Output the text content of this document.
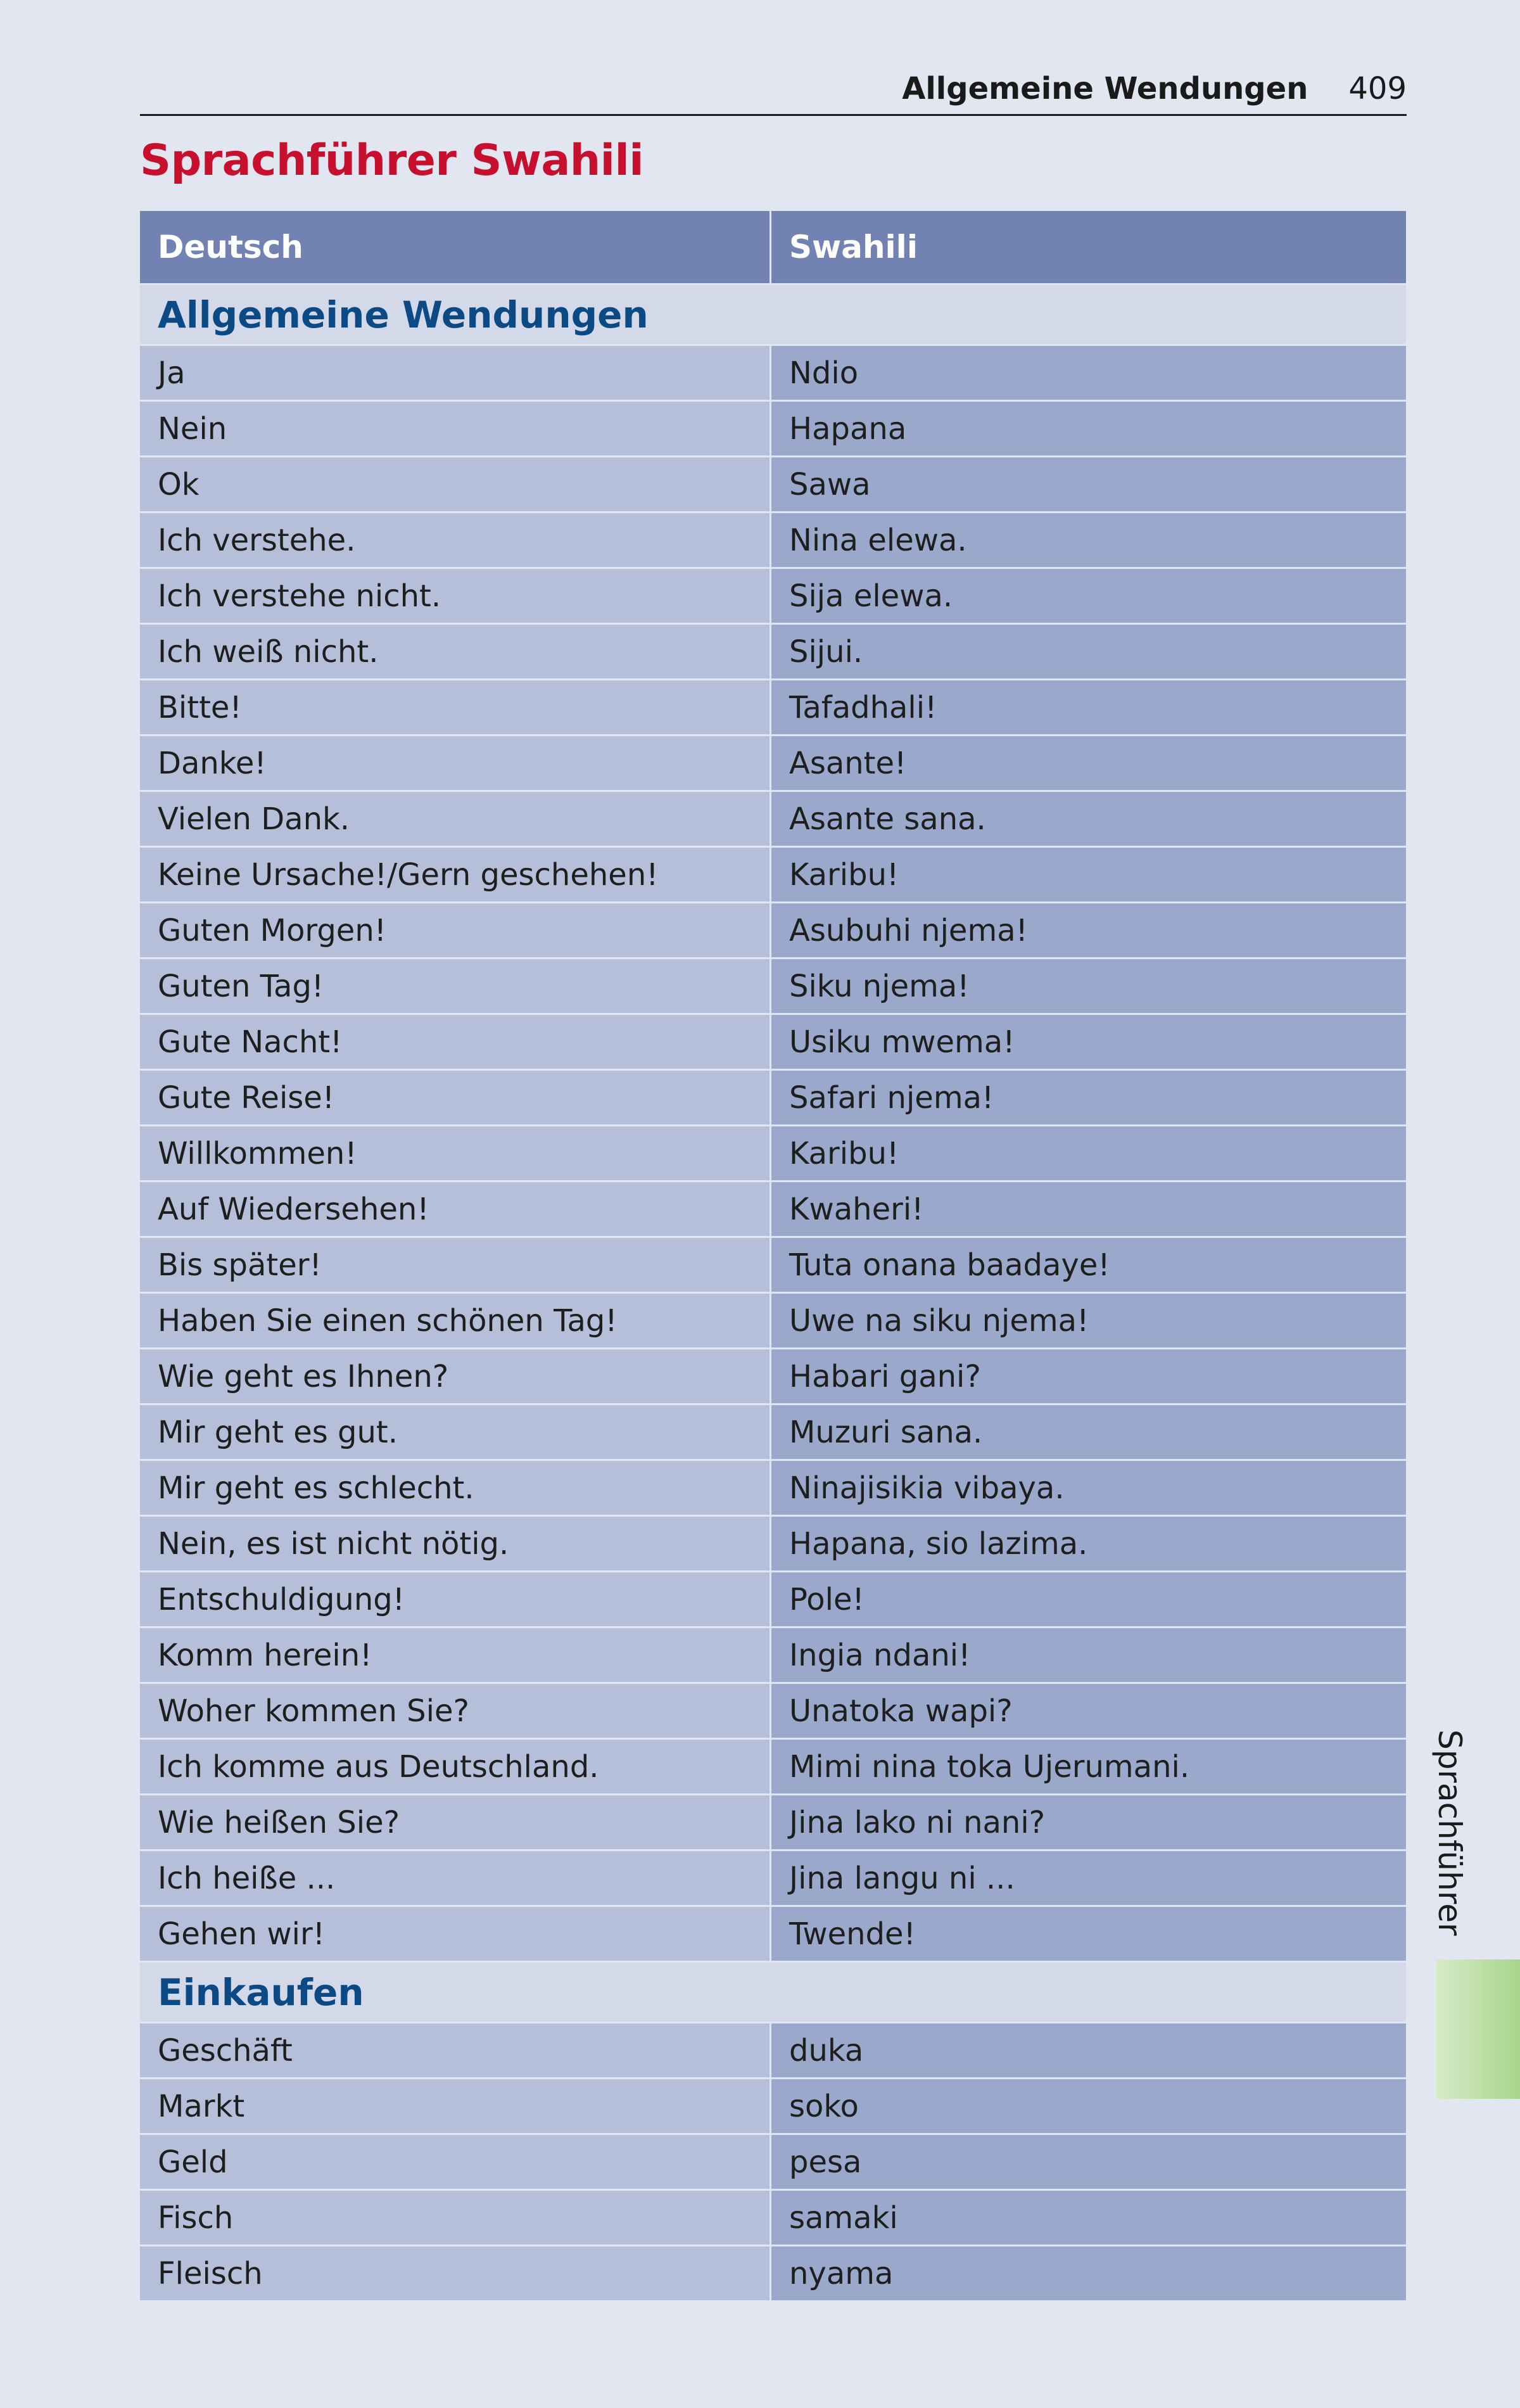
Allgemeine Wendungen 409
Sprachführer Swahili
Deutsch	Swahili
Allgemeine Wendungen
Ja	Ndio
Nein	Hapana
Ok	Sawa
Ich verstehe.	Nina elewa.
Ich verstehe nicht.	Sija elewa.
Ich weiß nicht.	Sijui.
Bitte!	Tafadhali!
Danke!	Asante!
Vielen Dank.	Asante sana.
Keine Ursache!/Gern geschehen!	Karibu!
Guten Morgen!	Asubuhi njema!
Guten Tag!	Siku njema!
Gute Nacht!	Usiku mwema!
Gute Reise!	Safari njema!
Willkommen!	Karibu!
Auf Wiedersehen!	Kwaheri!
Bis später!	Tuta onana baadaye!
Haben Sie einen schönen Tag!	Uwe na siku njema!
Wie geht es Ihnen?	Habari gani?
Mir geht es gut.	Muzuri sana.
Mir geht es schlecht.	Ninajisikia vibaya.
Nein, es ist nicht nötig.	Hapana, sio lazima.
Entschuldigung!	Pole!
Komm herein!	Ingia ndani!
Woher kommen Sie?	Unatoka wapi?
Ich komme aus Deutschland.	Mimi nina toka Ujerumani.
Wie heißen Sie?	Jina lako ni nani?
Ich heiße ...	Jina langu ni ...
Gehen wir!	Twende!
Einkaufen
Geschäft	duka
Markt	soko
Geld	pesa
Fisch	samaki
Fleisch	nyama
Sprachführer
